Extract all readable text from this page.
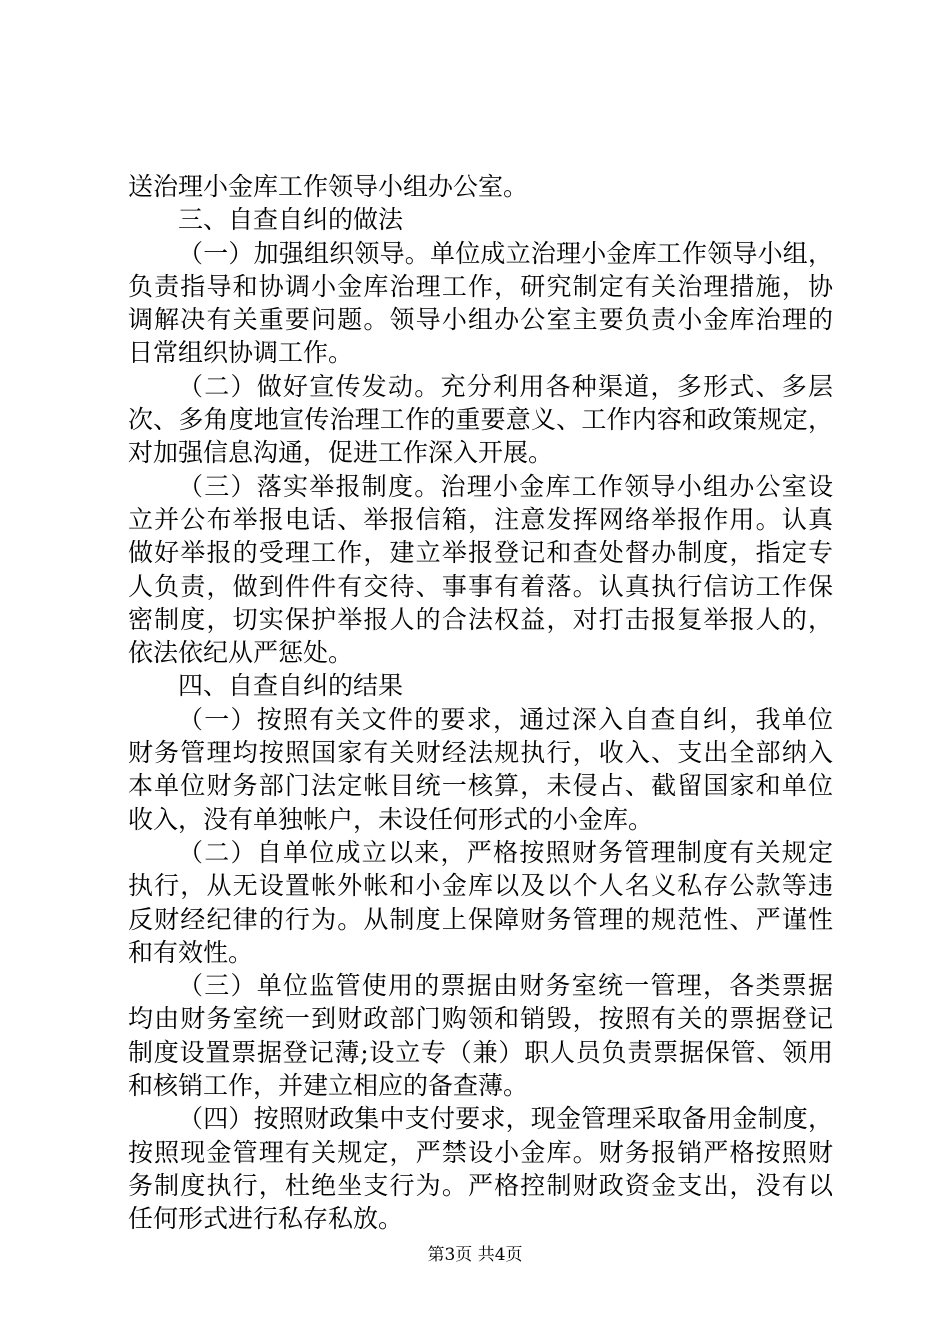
送治理小金库工作领导小组办公室。
三、自查自纠的做法
（一）加强组织领导。单位成立治理小金库工作领导小组，
负责指导和协调小金库治理工作，研究制定有关治理措施，协
调解决有关重要问题。领导小组办公室主要负责小金库治理的
日常组织协调工作。
（二）做好宣传发动。充分利用各种渠道，多形式、多层
次、多角度地宣传治理工作的重要意义、工作内容和政策规定，
对加强信息沟通，促进工作深入开展。
（三）落实举报制度。治理小金库工作领导小组办公室设
立并公布举报电话、举报信箱，注意发挥网络举报作用。认真
做好举报的受理工作，建立举报登记和查处督办制度，指定专
人负责，做到件件有交待、事事有着落。认真执行信访工作保
密制度，切实保护举报人的合法权益，对打击报复举报人的，
依法依纪从严惩处。
四、自查自纠的结果
（一）按照有关文件的要求，通过深入自查自纠，我单位
财务管理均按照国家有关财经法规执行，收入、支出全部纳入
本单位财务部门法定帐目统一核算，未侵占、截留国家和单位
收入，没有单独帐户，未设任何形式的小金库。
（二）自单位成立以来，严格按照财务管理制度有关规定
执行，从无设置帐外帐和小金库以及以个人名义私存公款等违
反财经纪律的行为。从制度上保障财务管理的规范性、严谨性
和有效性。
（三）单位监管使用的票据由财务室统一管理，各类票据
均由财务室统一到财政部门购领和销毁，按照有关的票据登记
制度设置票据登记薄;设立专（兼）职人员负责票据保管、领用
和核销工作，并建立相应的备查薄。
（四）按照财政集中支付要求，现金管理采取备用金制度，
按照现金管理有关规定，严禁设小金库。财务报销严格按照财
务制度执行，杜绝坐支行为。严格控制财政资金支出，没有以
任何形式进行私存私放。
第3页 共4页
